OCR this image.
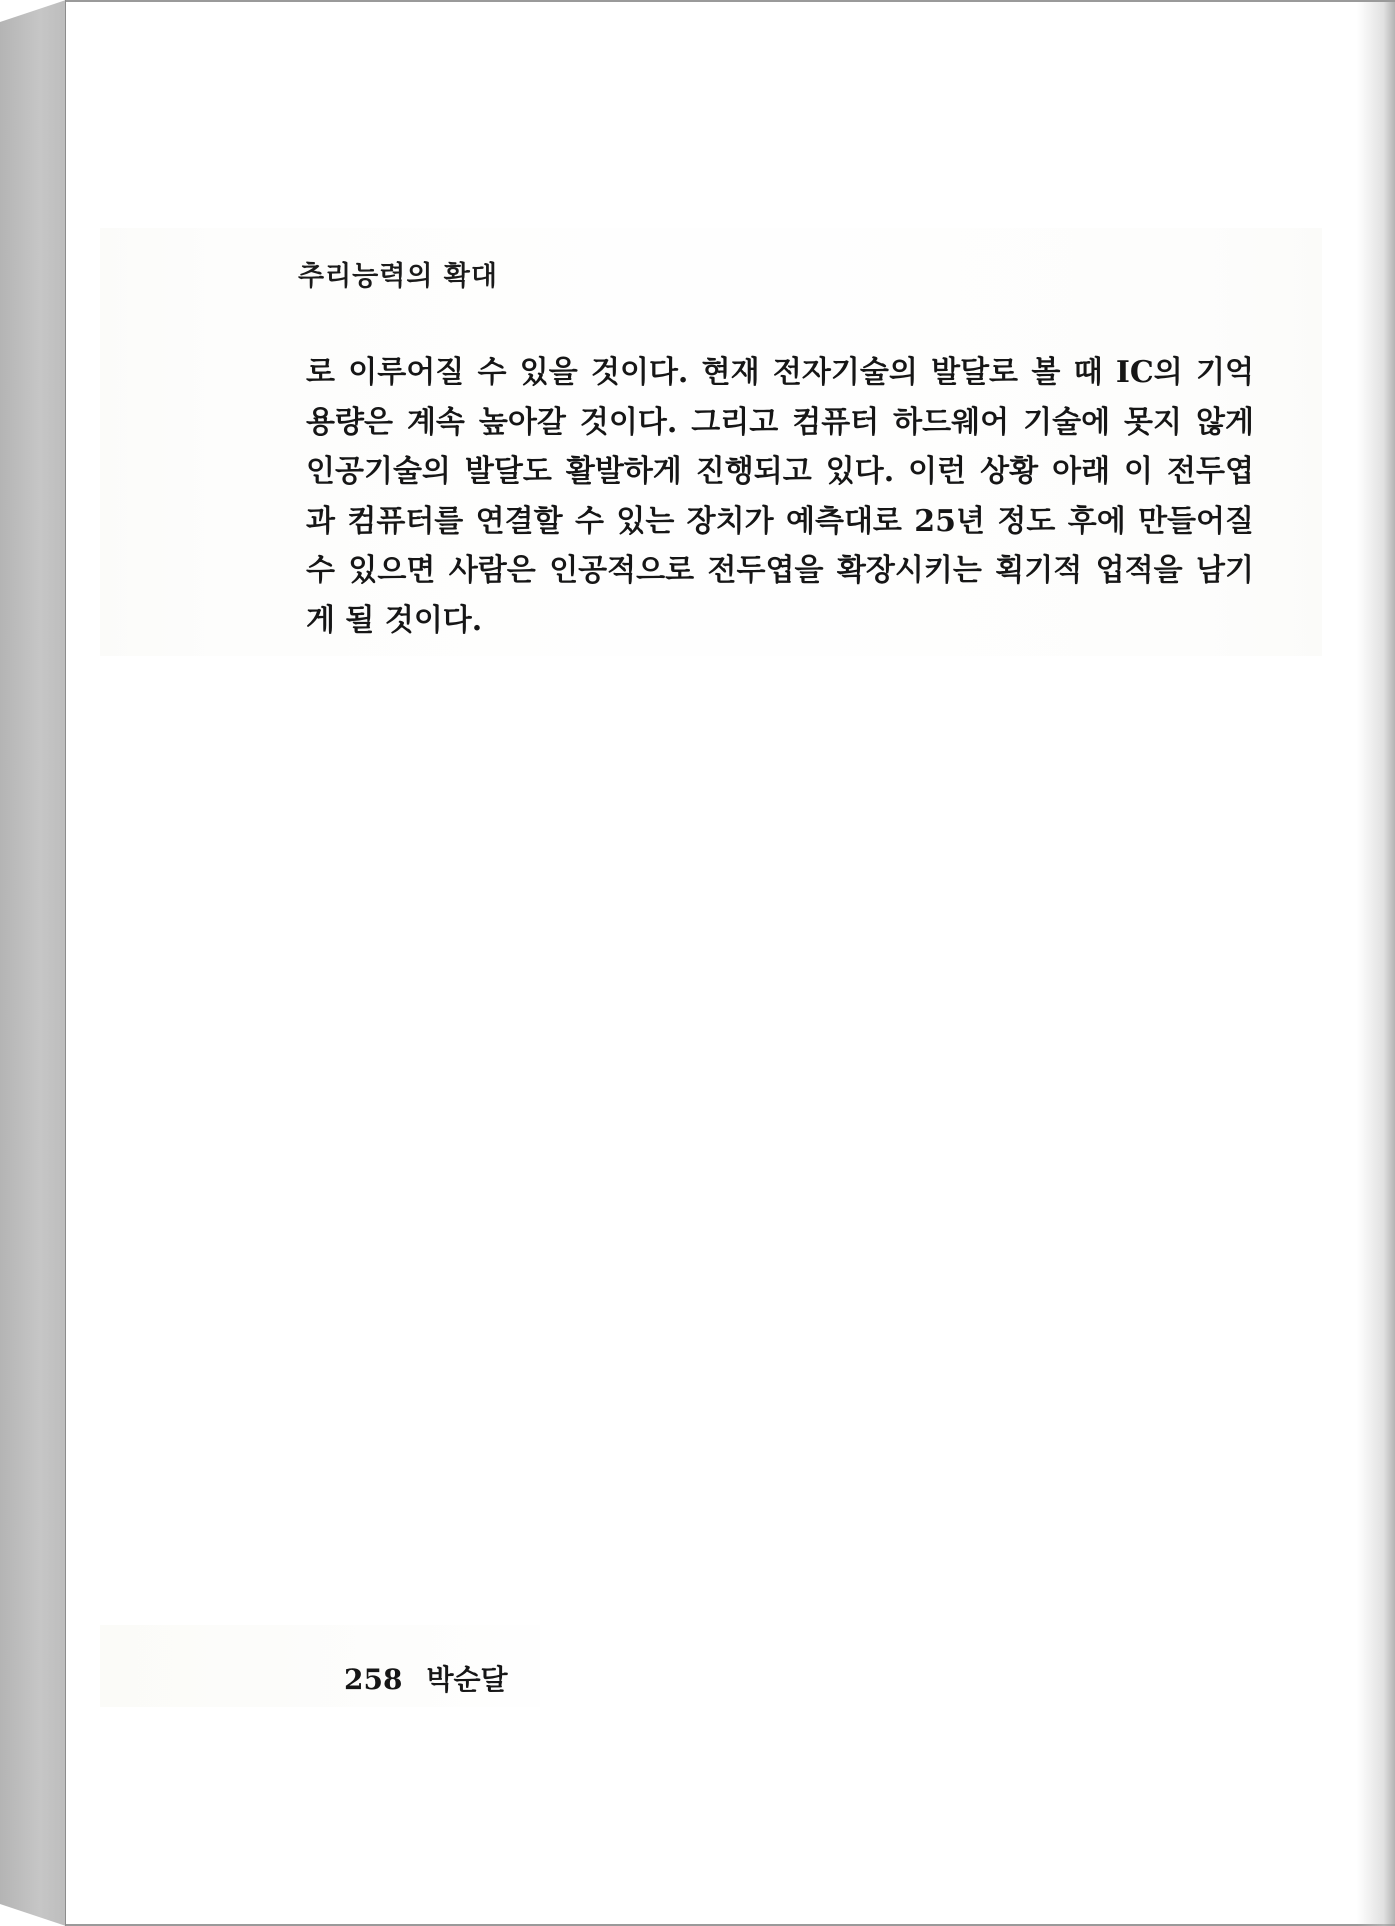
추리능력의 확대

로 이루어질 수 있을 것이다. 현재 전자기술의 발달로 볼 때 IC의 기억
용량은 계속 높아갈 것이다. 그리고 컴퓨터 하드웨어 기술에 못지 않게
인공기술의 발달도 활발하게 진행되고 있다. 이런 상황 아래 이 전두엽
과 컴퓨터를 연결할 수 있는 장치가 예측대로 25년 정도 후에 만들어질
수 있으면 사람은 인공적으로 전두엽을 확장시키는 획기적 업적을 남기
게 될 것이다.

258 박순달
